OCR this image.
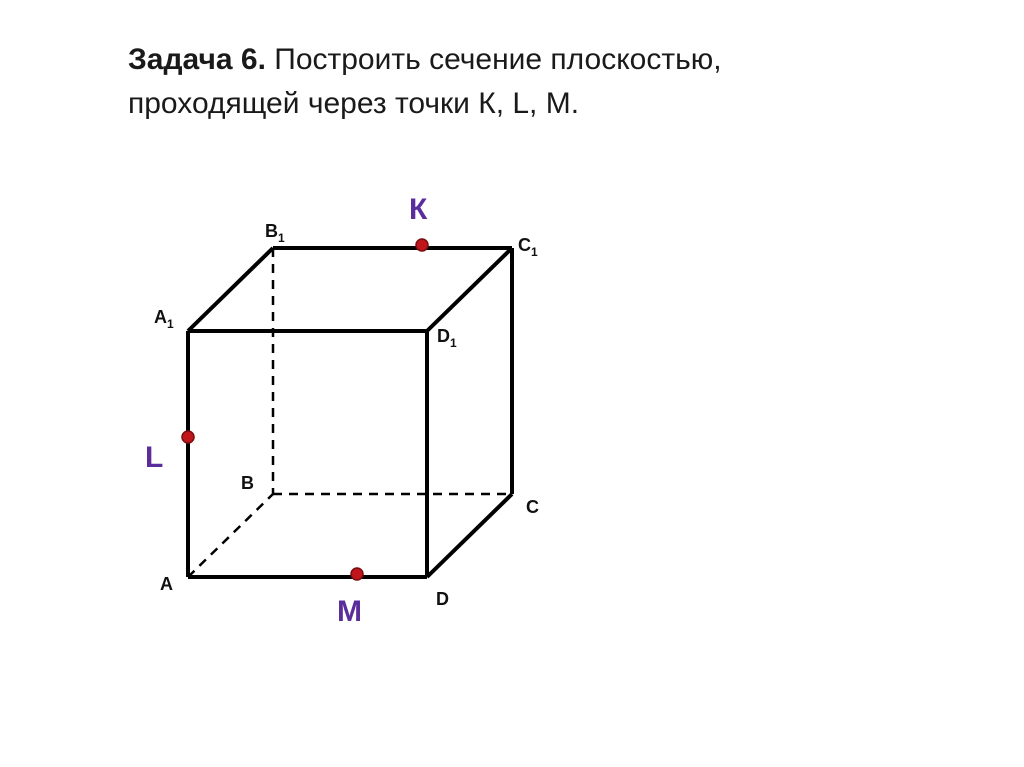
Задача 6. Построить сечение плоскостью, проходящей через точки К, L, M.
$B_1$	$C_1$
$A_1$
$D_1$
B
C
A
D
К
L
M
